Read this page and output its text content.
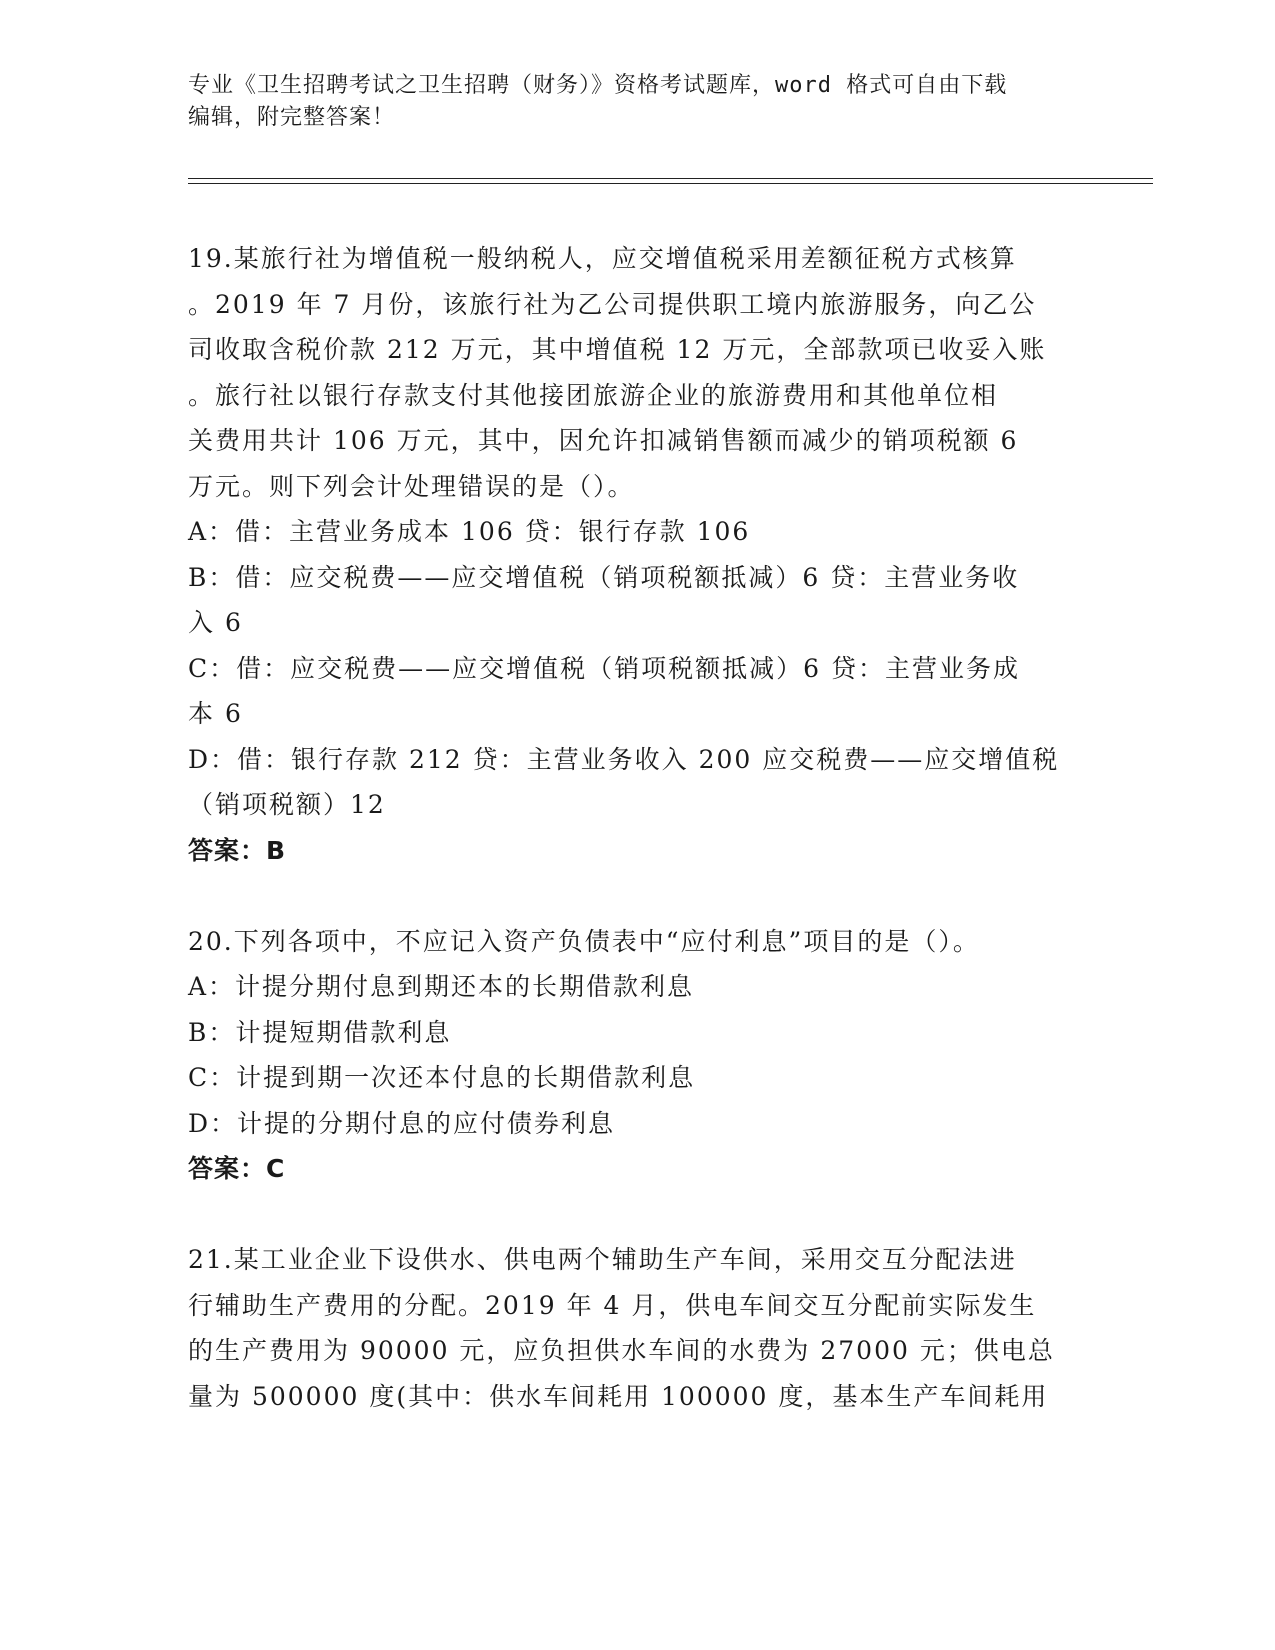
专业《卫生招聘考试之卫生招聘（财务）》资格考试题库，word 格式可自由下载

编辑，附完整答案！

19.某旅行社为增值税一般纳税人，应交增值税采用差额征税方式核算

。2019 年 7 月份，该旅行社为乙公司提供职工境内旅游服务，向乙公

司收取含税价款 212 万元，其中增值税 12 万元，全部款项已收妥入账

。旅行社以银行存款支付其他接团旅游企业的旅游费用和其他单位相

关费用共计 106 万元，其中，因允许扣减销售额而减少的销项税额 6

万元。则下列会计处理错误的是（）。

A：借：主营业务成本 106 贷：银行存款 106

B：借：应交税费——应交增值税（销项税额抵减）6 贷：主营业务收

入 6

C：借：应交税费——应交增值税（销项税额抵减）6 贷：主营业务成

本 6

D：借：银行存款 212 贷：主营业务收入 200 应交税费——应交增值税

（销项税额）12

答案：B

20.下列各项中，不应记入资产负债表中“应付利息”项目的是（）。

A：计提分期付息到期还本的长期借款利息

B：计提短期借款利息

C：计提到期一次还本付息的长期借款利息

D：计提的分期付息的应付债券利息

答案：C

21.某工业企业下设供水、供电两个辅助生产车间，采用交互分配法进

行辅助生产费用的分配。2019 年 4 月，供电车间交互分配前实际发生

的生产费用为 90000 元，应负担供水车间的水费为 27000 元；供电总

量为 500000 度(其中：供水车间耗用 100000 度，基本生产车间耗用
